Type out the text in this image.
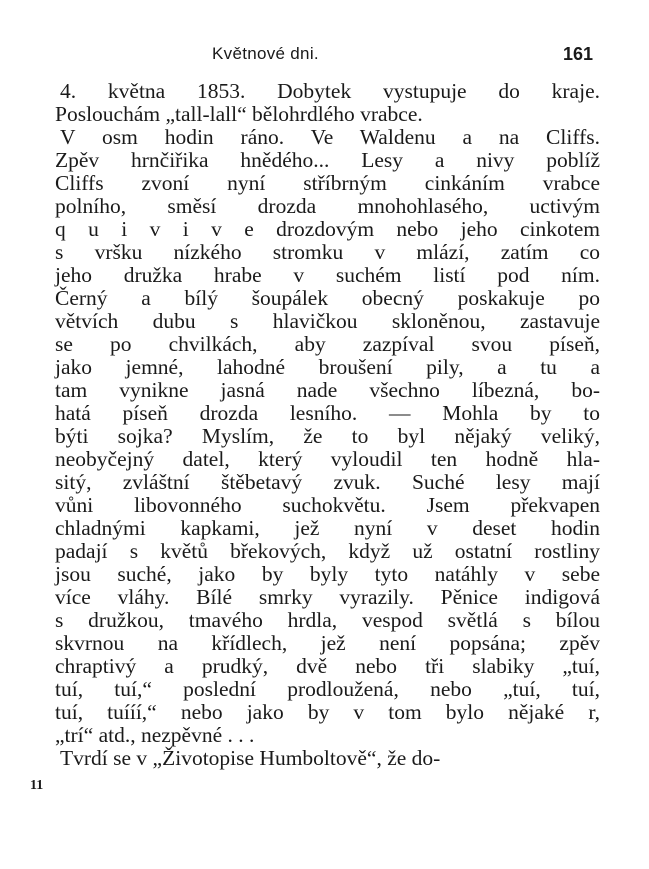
Květnové dni.	161
4. května 1853. Dobytek vystupuje do kraje.
Poslouchám „tall-lall“ bělohrdlého vrabce.
V osm hodin ráno. Ve Waldenu a na Cliffs.
Zpěv hrnčiřika hnědého... Lesy a nivy poblíž
Cliffs zvoní nyní stříbrným cinkáním vrabce
polního, směsí drozda mnohohlasého, uctivým
q u i v i v e drozdovým nebo jeho cinkotem
s vršku nízkého stromku v mlází, zatím co
jeho družka hrabe v suchém listí pod ním.
Černý a bílý šoupálek obecný poskakuje po
větvích dubu s hlavičkou skloněnou, zastavuje
se po chvilkách, aby zazpíval svou píseň,
jako jemné, lahodné broušení pily, a tu a
tam vynikne jasná nade všechno líbezná, bo-
hatá píseň drozda lesního. — Mohla by to
býti sojka? Myslím, že to byl nějaký veliký,
neobyčejný datel, který vyloudil ten hodně hla-
sitý, zvláštní štěbetavý zvuk. Suché lesy mají
vůni libovonného suchokvětu. Jsem překvapen
chladnými kapkami, jež nyní v deset hodin
padají s květů břekových, když už ostatní rostliny
jsou suché, jako by byly tyto natáhly v sebe
více vláhy. Bílé smrky vyrazily. Pěnice indigová
s družkou, tmavého hrdla, vespod světlá s bílou
skvrnou na křídlech, jež není popsána; zpěv
chraptivý a prudký, dvě nebo tři slabiky „tuí,
tuí, tuí,“ poslední prodloužená, nebo „tuí, tuí,
tuí, tuííí,“ nebo jako by v tom bylo nějaké r,
„trí“ atd., nezpěvné . . .
Tvrdí se v „Životopise Humboltově“, že do-
11
